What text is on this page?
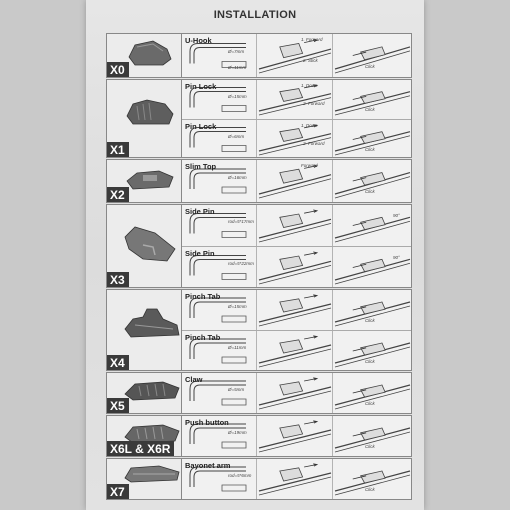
INSTALLATION
X0
U-Hook
Ø=7mm
Ø=11mm
1. Forward
2. Stick
Click
X1
Pin Lock
Ø=15mm
1. Down
2. Forward
Click
Pin Lock
Ø=6mm
1. Down
2. Forward
Click
X2
Slim Top
Ø=16mm
Forward
Click
X3
Side Pin
rod=5*17mm
90°
Side Pin
rod=5*22mm
90°
X4
Pinch Tab
Ø=15mm
Click
Pinch Tab
Ø=11mm
Click
X5
Claw
Ø=5mm
Click
X6L & X6R
Push button
Ø=19mm
Click
X7
Bayonet arm
rod=5*6mm
Click
